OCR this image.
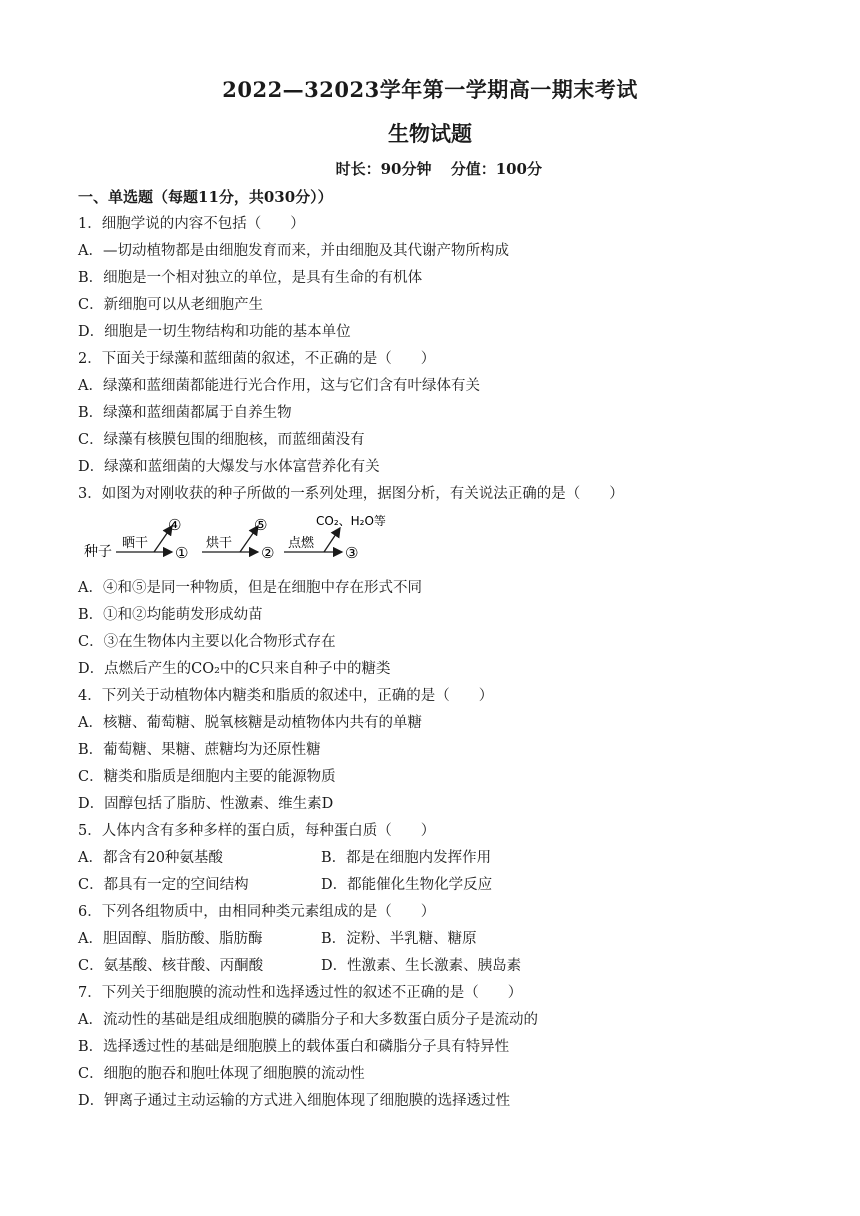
2022—32023学年第一学期高一期末考试
生物试题
时长：90分钟 分值：100分
一、单选题（每题11分，共030分））
1．细胞学说的内容不包括（　　）
A．—切动植物都是由细胞发育而来，并由细胞及其代谢产物所构成
B．细胞是一个相对独立的单位，是具有生命的有机体
C．新细胞可以从老细胞产生
D．细胞是一切生物结构和功能的基本单位
2．下面关于绿藻和蓝细菌的叙述，不正确的是（　　）
A．绿藻和蓝细菌都能进行光合作用，这与它们含有叶绿体有关
B．绿藻和蓝细菌都属于自养生物
C．绿藻有核膜包围的细胞核，而蓝细菌没有
D．绿藻和蓝细菌的大爆发与水体富营养化有关
3．如图为对刚收获的种子所做的一系列处理，据图分析，有关说法正确的是（　　）
种子
晒干
④
①
烘干
⑤
②
点燃
CO₂、H₂O等
③
A．④和⑤是同一种物质，但是在细胞中存在形式不同
B．①和②均能萌发形成幼苗
C．③在生物体内主要以化合物形式存在
D．点燃后产生的CO₂中的C只来自种子中的糖类
4．下列关于动植物体内糖类和脂质的叙述中，正确的是（　　）
A．核糖、葡萄糖、脱氧核糖是动植物体内共有的单糖
B．葡萄糖、果糖、蔗糖均为还原性糖
C．糖类和脂质是细胞内主要的能源物质
D．固醇包括了脂肪、性激素、维生素D
5．人体内含有多种多样的蛋白质，每种蛋白质（　　）
A．都含有20种氨基酸	B．都是在细胞内发挥作用
C．都具有一定的空间结构	D．都能催化生物化学反应
6．下列各组物质中，由相同种类元素组成的是（　　）
A．胆固醇、脂肪酸、脂肪酶	B．淀粉、半乳糖、糖原
C．氨基酸、核苷酸、丙酮酸	D．性激素、生长激素、胰岛素
7．下列关于细胞膜的流动性和选择透过性的叙述不正确的是（　　）
A．流动性的基础是组成细胞膜的磷脂分子和大多数蛋白质分子是流动的
B．选择透过性的基础是细胞膜上的载体蛋白和磷脂分子具有特异性
C．细胞的胞吞和胞吐体现了细胞膜的流动性
D．钾离子通过主动运输的方式进入细胞体现了细胞膜的选择透过性
